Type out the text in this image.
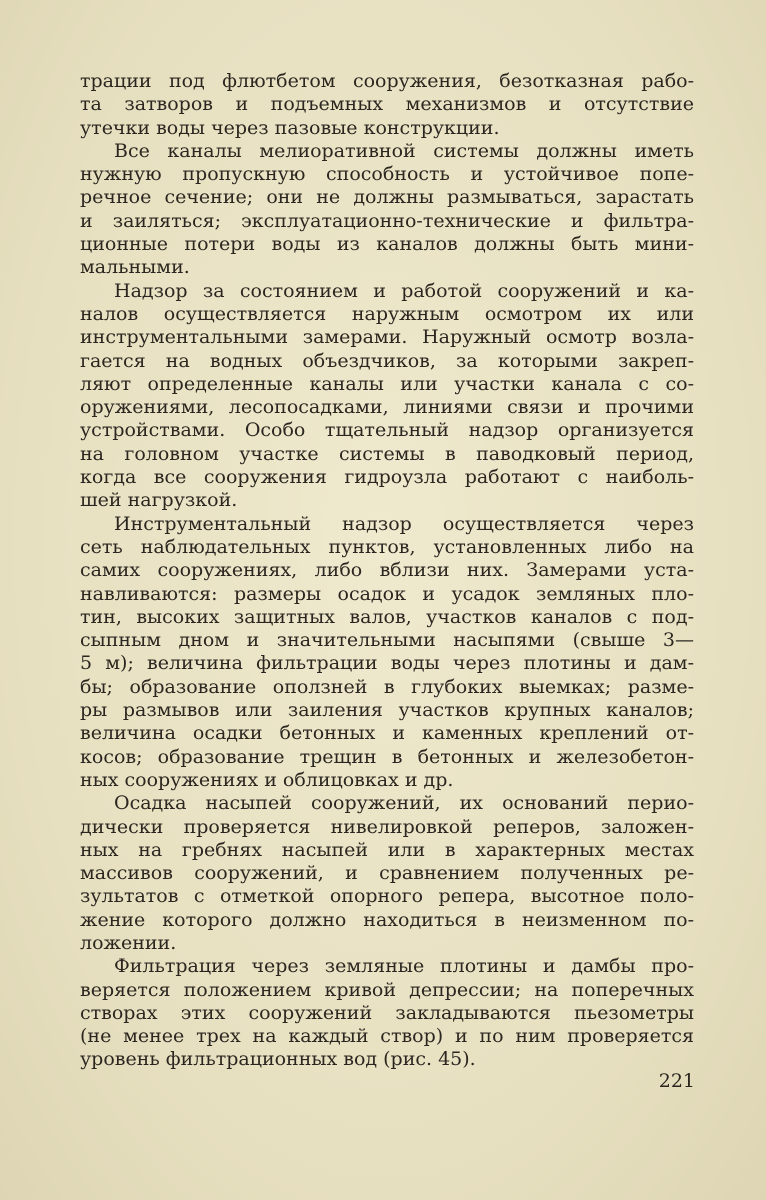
трации под флютбетом сооружения, безотказная рабо-
та затворов и подъемных механизмов и отсутствие
утечки воды через пазовые конструкции.
Все каналы мелиоративной системы должны иметь
нужную пропускную способность и устойчивое попе-
речное сечение; они не должны размываться, зарастать
и заиляться; эксплуатационно-технические и фильтра-
ционные потери воды из каналов должны быть мини-
мальными.
Надзор за состоянием и работой сооружений и ка-
налов осуществляется наружным осмотром их или
инструментальными замерами. Наружный осмотр возла-
гается на водных объездчиков, за которыми закреп-
ляют определенные каналы или участки канала с со-
оружениями, лесопосадками, линиями связи и прочими
устройствами. Особо тщательный надзор организуется
на головном участке системы в паводковый период,
когда все сооружения гидроузла работают с наиболь-
шей нагрузкой.
Инструментальный надзор осуществляется через
сеть наблюдательных пунктов, установленных либо на
самих сооружениях, либо вблизи них. Замерами уста-
навливаются: размеры осадок и усадок земляных пло-
тин, высоких защитных валов, участков каналов с под-
сыпным дном и значительными насыпями (свыше 3—
5 м); величина фильтрации воды через плотины и дам-
бы; образование оползней в глубоких выемках; разме-
ры размывов или заиления участков крупных каналов;
величина осадки бетонных и каменных креплений от-
косов; образование трещин в бетонных и железобетон-
ных сооружениях и облицовках и др.
Осадка насыпей сооружений, их оснований перио-
дически проверяется нивелировкой реперов, заложен-
ных на гребнях насыпей или в характерных местах
массивов сооружений, и сравнением полученных ре-
зультатов с отметкой опорного репера, высотное поло-
жение которого должно находиться в неизменном по-
ложении.
Фильтрация через земляные плотины и дамбы про-
веряется положением кривой депрессии; на поперечных
створах этих сооружений закладываются пьезометры
(не менее трех на каждый створ) и по ним проверяется
уровень фильтрационных вод (рис. 45).
221
